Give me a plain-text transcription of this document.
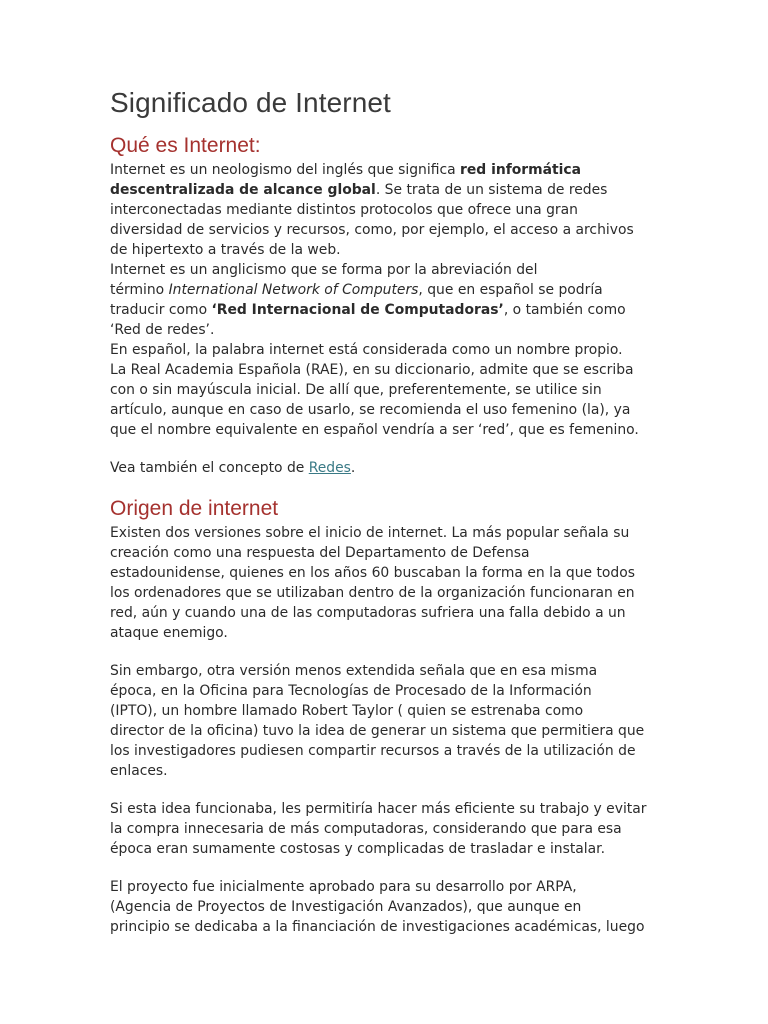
Significado de Internet
Qué es Internet:

Internet es un neologismo del inglés que significa red informática
descentralizada de alcance global. Se trata de un sistema de redes
interconectadas mediante distintos protocolos que ofrece una gran
diversidad de servicios y recursos, como, por ejemplo, el acceso a archivos
de hipertexto a través de la web.

Internet es un anglicismo que se forma por la abreviación del
término International Network of Computers, que en español se podría
traducir como ‘Red Internacional de Computadoras’, o también como
‘Red de redes’.

En español, la palabra internet está considerada como un nombre propio.
La Real Academia Española (RAE), en su diccionario, admite que se escriba
con o sin mayúscula inicial. De allí que, preferentemente, se utilice sin
artículo, aunque en caso de usarlo, se recomienda el uso femenino (la), ya
que el nombre equivalente en español vendría a ser ‘red’, que es femenino.

Vea también el concepto de Redes.

Origen de internet

Existen dos versiones sobre el inicio de internet. La más popular señala su
creación como una respuesta del Departamento de Defensa
estadounidense, quienes en los años 60 buscaban la forma en la que todos
los ordenadores que se utilizaban dentro de la organización funcionaran en
red, aún y cuando una de las computadoras sufriera una falla debido a un
ataque enemigo.

Sin embargo, otra versión menos extendida señala que en esa misma
época, en la Oficina para Tecnologías de Procesado de la Información
(IPTO), un hombre llamado Robert Taylor ( quien se estrenaba como
director de la oficina) tuvo la idea de generar un sistema que permitiera que
los investigadores pudiesen compartir recursos a través de la utilización de
enlaces.

Si esta idea funcionaba, les permitiría hacer más eficiente su trabajo y evitar
la compra innecesaria de más computadoras, considerando que para esa
época eran sumamente costosas y complicadas de trasladar e instalar.

El proyecto fue inicialmente aprobado para su desarrollo por ARPA,
(Agencia de Proyectos de Investigación Avanzados), que aunque en
principio se dedicaba a la financiación de investigaciones académicas, luego
